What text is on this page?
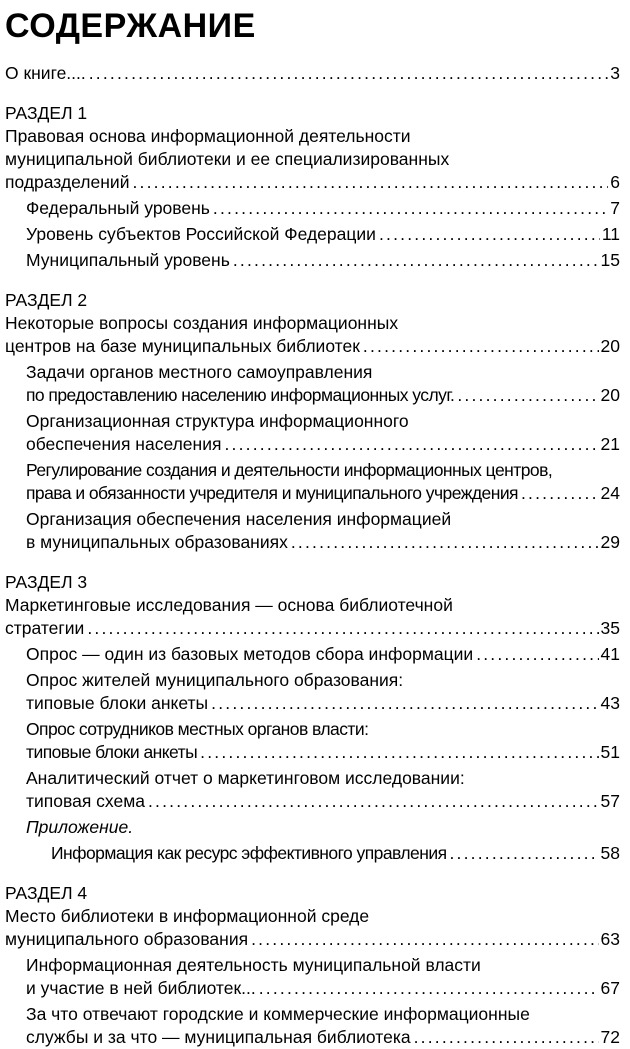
СОДЕРЖАНИЕ
О книге.... .....	3
РАЗДЕЛ 1
Правовая основа информационной деятельности
муниципальной библиотеки и ее специализированных
подразделений .....	6
Федеральный уровень .....	7
Уровень субъектов Российской Федерации .....	11
Муниципальный уровень .....	15
РАЗДЕЛ 2
Некоторые вопросы создания информационных
центров на базе муниципальных библиотек .....	20
Задачи органов местного самоуправления
по предоставлению населению информационных услуг. .....	20
Организационная структура информационного
обеспечения населения .....	21
Регулирование создания и деятельности информационных центров,
права и обязанности учредителя и муниципального учреждения .....	24
Организация обеспечения населения информацией
в муниципальных образованиях .....	29
РАЗДЕЛ 3
Маркетинговые исследования — основа библиотечной
стратегии .....	35
Опрос — один из базовых методов сбора информации .....	41
Опрос жителей муниципального образования:
типовые блоки анкеты .....	43
Опрос сотрудников местных органов власти:
типовые блоки анкеты .....	51
Аналитический отчет о маркетинговом исследовании:
типовая схема .....	57
Приложение.
Информация как ресурс эффективного управления .....	58
РАЗДЕЛ 4
Место библиотеки в информационной среде
муниципального образования .....	63
Информационная деятельность муниципальной власти
и участие в ней библиотек... .....	67
За что отвечают городские и коммерческие информационные
службы и за что — муниципальная библиотека .....	72
